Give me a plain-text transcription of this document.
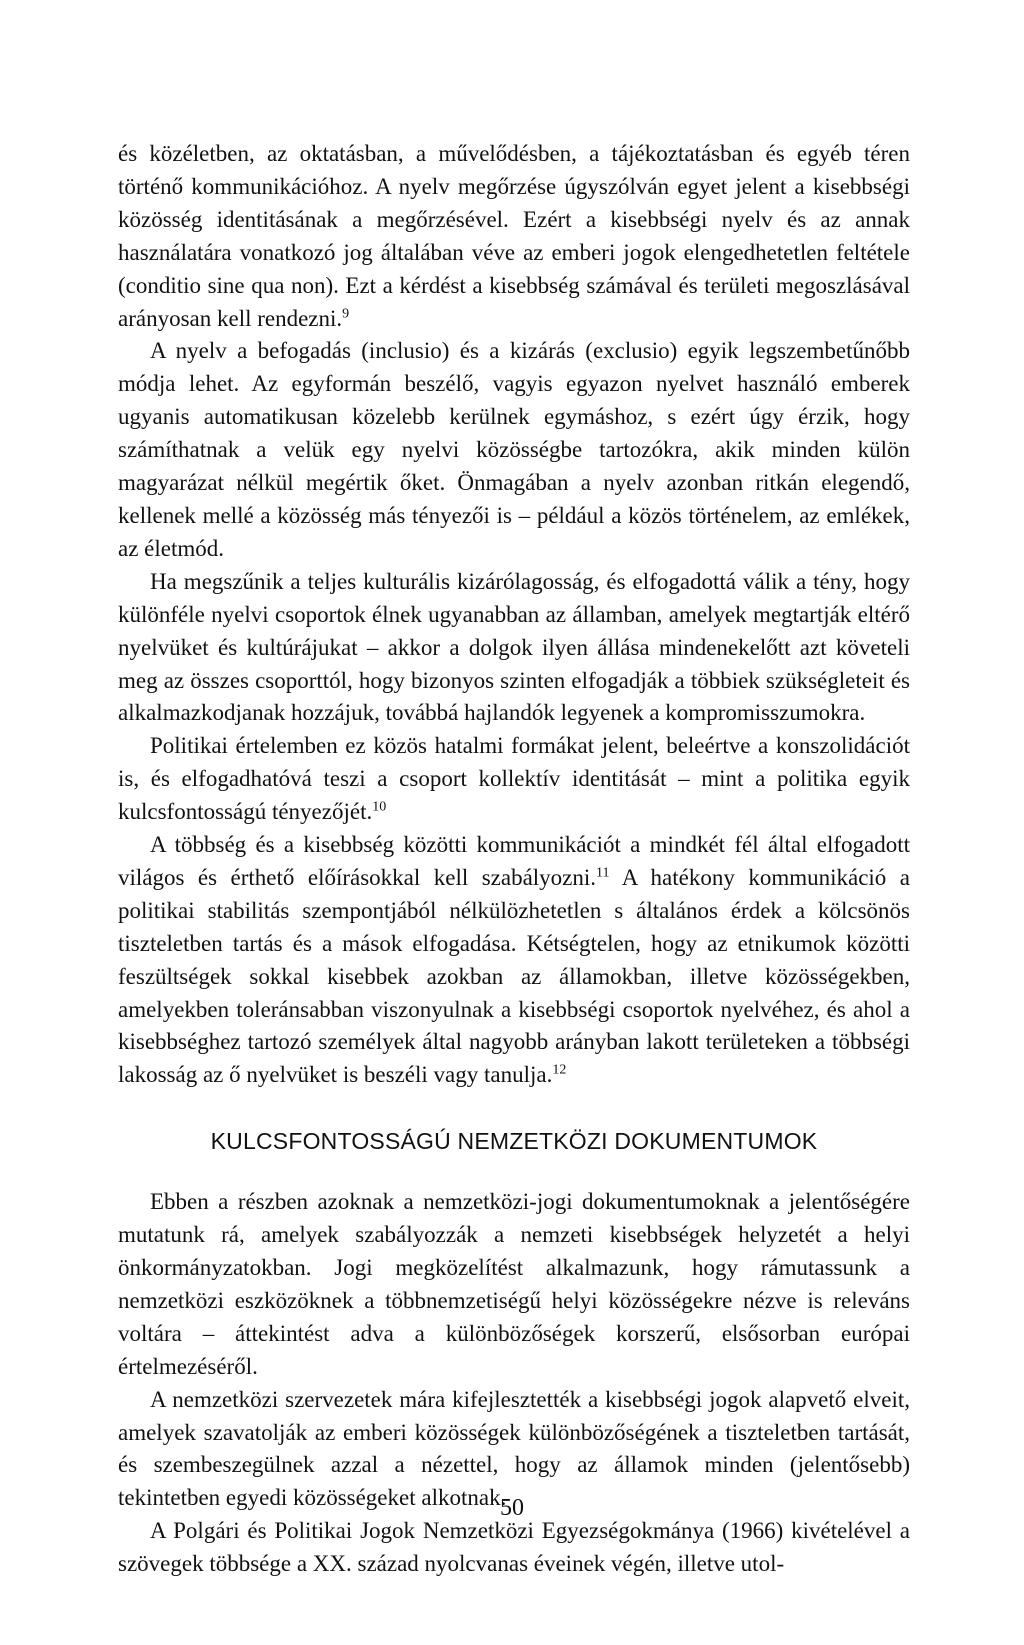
és közéletben, az oktatásban, a művelődésben, a tájékoztatásban és egyéb téren történő kommunikációhoz. A nyelv megőrzése úgyszólván egyet jelent a kisebbségi közösség identitásának a megőrzésével. Ezért a kisebbségi nyelv és az annak használatára vonatkozó jog általában véve az emberi jogok elengedhetetlen feltétele (conditio sine qua non). Ezt a kérdést a kisebbség számával és területi megoszlásával arányosan kell rendezni.$^9$

A nyelv a befogadás (inclusio) és a kizárás (exclusio) egyik legszembetűnőbb módja lehet. Az egyformán beszélő, vagyis egyazon nyelvet használó emberek ugyanis automatikusan közelebb kerülnek egymáshoz, s ezért úgy érzik, hogy számíthatnak a velük egy nyelvi közösségbe tartozókra, akik minden külön magyarázat nélkül megértik őket. Önmagában a nyelv azonban ritkán elegendő, kellenek mellé a közösség más tényezői is – például a közös történelem, az emlékek, az életmód.

Ha megszűnik a teljes kulturális kizárólagosság, és elfogadottá válik a tény, hogy különféle nyelvi csoportok élnek ugyanabban az államban, amelyek megtartják eltérő nyelvüket és kultúrájukat – akkor a dolgok ilyen állása mindenekelőtt azt követeli meg az összes csoporttól, hogy bizonyos szinten elfogadják a többiek szükségleteit és alkalmazkodjanak hozzájuk, továbbá hajlandók legyenek a kompromisszumokra.

Politikai értelemben ez közös hatalmi formákat jelent, beleértve a konszolidációt is, és elfogadhatóvá teszi a csoport kollektív identitását – mint a politika egyik kulcsfontosságú tényezőjét.$^{10}$

A többség és a kisebbség közötti kommunikációt a mindkét fél által elfogadott világos és érthető előírásokkal kell szabályozni.$^{11}$ A hatékony kommunikáció a politikai stabilitás szempontjából nélkülözhetetlen s általános érdek a kölcsönös tiszteletben tartás és a mások elfogadása. Kétségtelen, hogy az etnikumok közötti feszültségek sokkal kisebbek azokban az államokban, illetve közösségekben, amelyekben toleránsabban viszonyulnak a kisebbségi csoportok nyelvéhez, és ahol a kisebbséghez tartozó személyek által nagyobb arányban lakott területeken a többségi lakosság az ő nyelvüket is beszéli vagy tanulja.$^{12}$

KULCSFONTOSSÁGÚ NEMZETKÖZI DOKUMENTUMOK

Ebben a részben azoknak a nemzetközi-jogi dokumentumoknak a jelentőségére mutatunk rá, amelyek szabályozzák a nemzeti kisebbségek helyzetét a helyi önkormányzatokban. Jogi megközelítést alkalmazunk, hogy rámutassunk a nemzetközi eszközöknek a többnemzetiségű helyi közösségekre nézve is releváns voltára – áttekintést adva a különbözőségek korszerű, elsősorban európai értelmezéséről.

A nemzetközi szervezetek mára kifejlesztették a kisebbségi jogok alapvető elveit, amelyek szavatolják az emberi közösségek különbözőségének a tiszteletben tartását, és szembeszegülnek azzal a nézettel, hogy az államok minden (jelentősebb) tekintetben egyedi közösségeket alkotnak.

A Polgári és Politikai Jogok Nemzetközi Egyezségokmánya (1966) kivételével a szövegek többsége a XX. század nyolcvanas éveinek végén, illetve utol-

50
